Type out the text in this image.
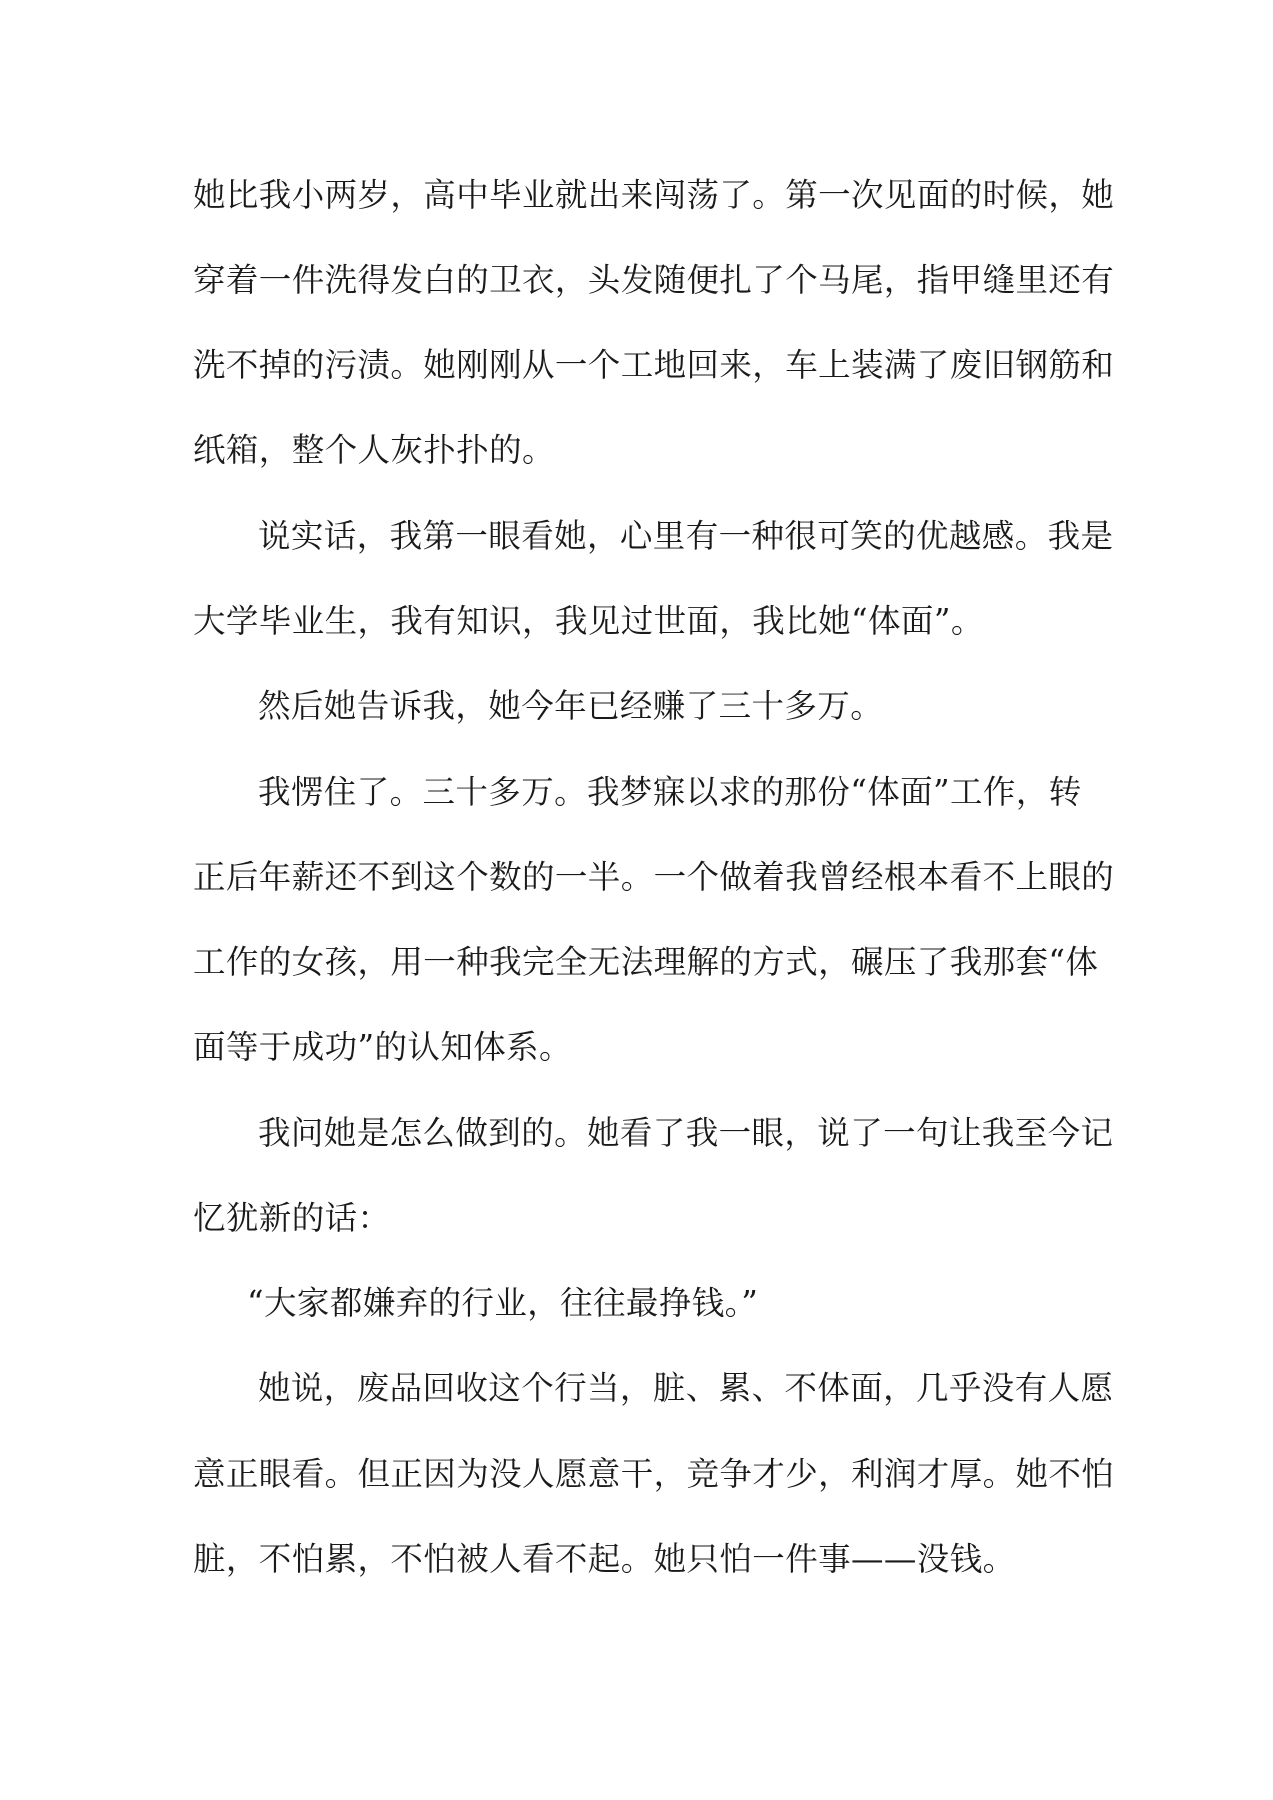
她比我小两岁，高中毕业就出来闯荡了。第一次见面的时候，她
穿着一件洗得发白的卫衣，头发随便扎了个马尾，指甲缝里还有
洗不掉的污渍。她刚刚从一个工地回来，车上装满了废旧钢筋和
纸箱，整个人灰扑扑的。
说实话，我第一眼看她，心里有一种很可笑的优越感。我是
大学毕业生，我有知识，我见过世面，我比她“体面”。
然后她告诉我，她今年已经赚了三十多万。
我愣住了。三十多万。我梦寐以求的那份“体面”工作，转
正后年薪还不到这个数的一半。一个做着我曾经根本看不上眼的
工作的女孩，用一种我完全无法理解的方式，碾压了我那套“体
面等于成功”的认知体系。
我问她是怎么做到的。她看了我一眼，说了一句让我至今记
忆犹新的话：
“大家都嫌弃的行业，往往最挣钱。”
她说，废品回收这个行当，脏、累、不体面，几乎没有人愿
意正眼看。但正因为没人愿意干，竞争才少，利润才厚。她不怕
脏，不怕累，不怕被人看不起。她只怕一件事——没钱。
